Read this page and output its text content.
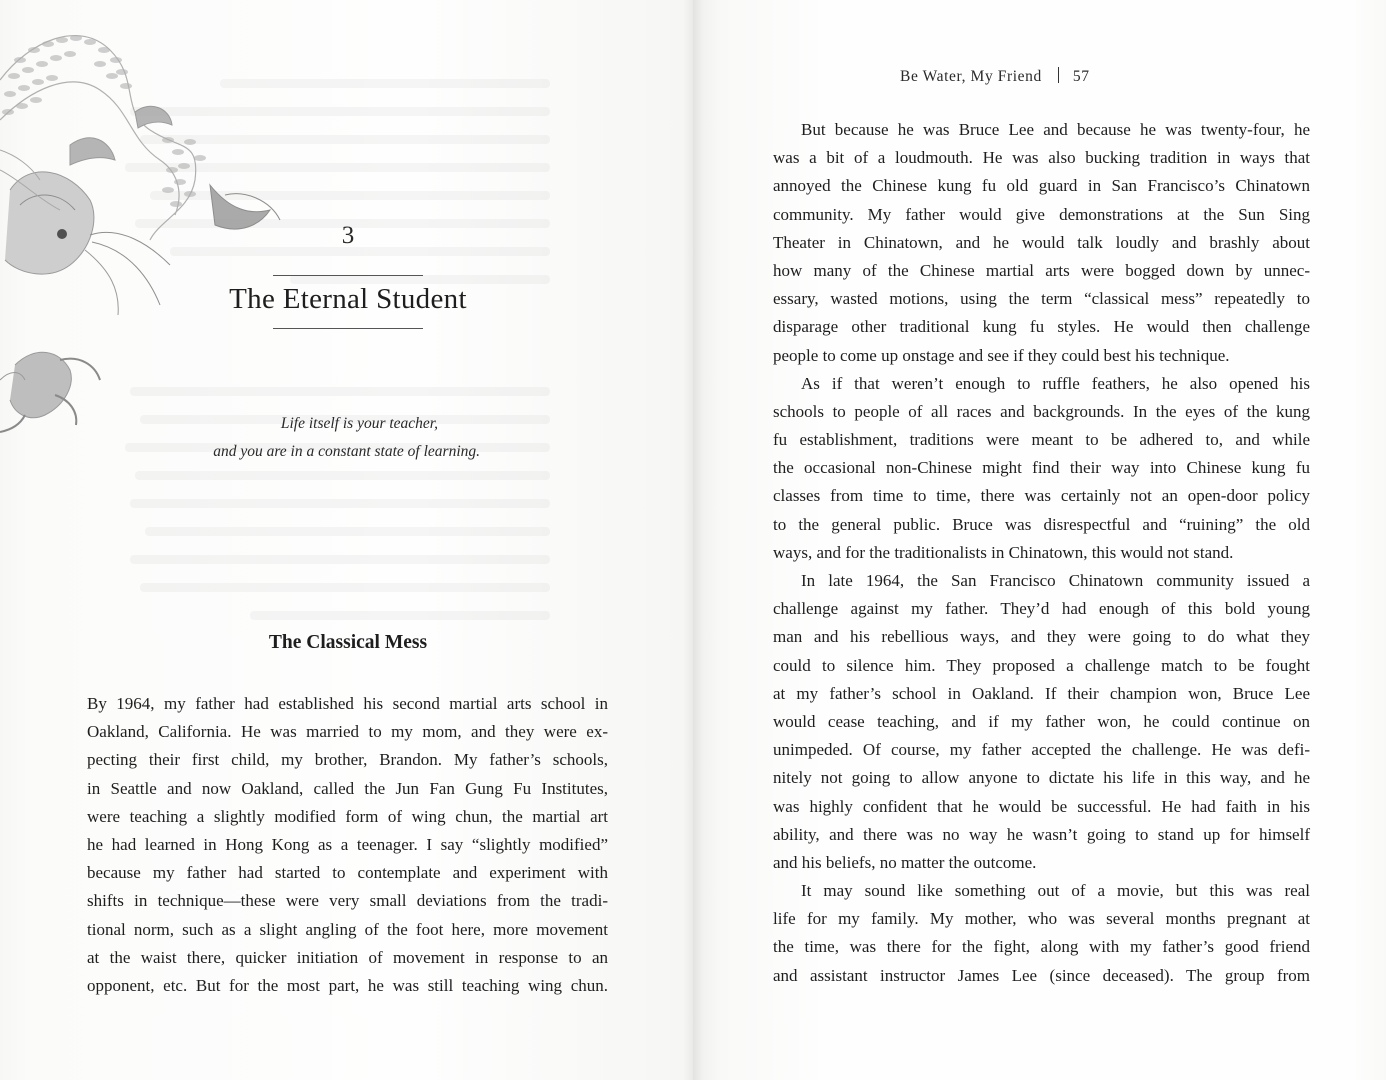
3
The Eternal Student
Life itself is your teacher,
and you are in a constant state of learning.
The Classical Mess
By 1964, my father had established his second martial arts school in
Oakland, California. He was married to my mom, and they were ex-
pecting their first child, my brother, Brandon. My father’s schools,
in Seattle and now Oakland, called the Jun Fan Gung Fu Institutes,
were teaching a slightly modified form of wing chun, the martial art
he had learned in Hong Kong as a teenager. I say “slightly modified”
because my father had started to contemplate and experiment with
shifts in technique—these were very small deviations from the tradi-
tional norm, such as a slight angling of the foot here, more movement
at the waist there, quicker initiation of movement in response to an
opponent, etc. But for the most part, he was still teaching wing chun.
Be Water, My Friend 57
But because he was Bruce Lee and because he was twenty-four, he
was a bit of a loudmouth. He was also bucking tradition in ways that
annoyed the Chinese kung fu old guard in San Francisco’s Chinatown
community. My father would give demonstrations at the Sun Sing
Theater in Chinatown, and he would talk loudly and brashly about
how many of the Chinese martial arts were bogged down by unnec-
essary, wasted motions, using the term “classical mess” repeatedly to
disparage other traditional kung fu styles. He would then challenge
people to come up onstage and see if they could best his technique.
As if that weren’t enough to ruffle feathers, he also opened his
schools to people of all races and backgrounds. In the eyes of the kung
fu establishment, traditions were meant to be adhered to, and while
the occasional non-Chinese might find their way into Chinese kung fu
classes from time to time, there was certainly not an open-door policy
to the general public. Bruce was disrespectful and “ruining” the old
ways, and for the traditionalists in Chinatown, this would not stand.
In late 1964, the San Francisco Chinatown community issued a
challenge against my father. They’d had enough of this bold young
man and his rebellious ways, and they were going to do what they
could to silence him. They proposed a challenge match to be fought
at my father’s school in Oakland. If their champion won, Bruce Lee
would cease teaching, and if my father won, he could continue on
unimpeded. Of course, my father accepted the challenge. He was defi-
nitely not going to allow anyone to dictate his life in this way, and he
was highly confident that he would be successful. He had faith in his
ability, and there was no way he wasn’t going to stand up for himself
and his beliefs, no matter the outcome.
It may sound like something out of a movie, but this was real
life for my family. My mother, who was several months pregnant at
the time, was there for the fight, along with my father’s good friend
and assistant instructor James Lee (since deceased). The group from
